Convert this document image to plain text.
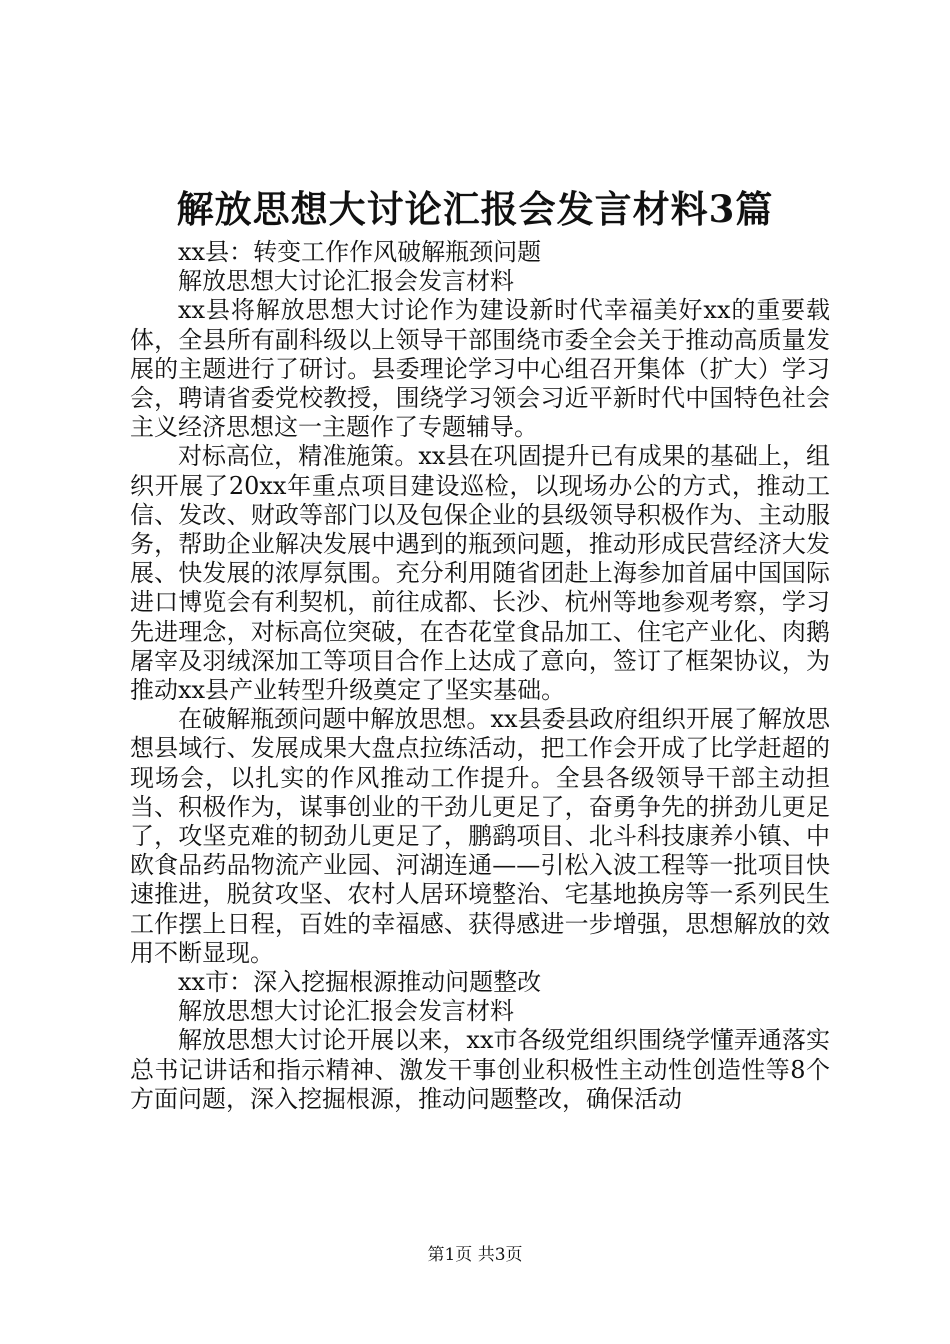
解放思想大讨论汇报会发言材料3篇

xx县：转变工作作风破解瓶颈问题

解放思想大讨论汇报会发言材料

xx县将解放思想大讨论作为建设新时代幸福美好xx的重要载体，全县所有副科级以上领导干部围绕市委全会关于推动高质量发展的主题进行了研讨。县委理论学习中心组召开集体（扩大）学习会，聘请省委党校教授，围绕学习领会习近平新时代中国特色社会主义经济思想这一主题作了专题辅导。

对标高位，精准施策。xx县在巩固提升已有成果的基础上，组织开展了20xx年重点项目建设巡检，以现场办公的方式，推动工信、发改、财政等部门以及包保企业的县级领导积极作为、主动服务，帮助企业解决发展中遇到的瓶颈问题，推动形成民营经济大发展、快发展的浓厚氛围。充分利用随省团赴上海参加首届中国国际进口博览会有利契机，前往成都、长沙、杭州等地参观考察，学习先进理念，对标高位突破，在杏花堂食品加工、住宅产业化、肉鹅屠宰及羽绒深加工等项目合作上达成了意向，签订了框架协议，为推动xx县产业转型升级奠定了坚实基础。

在破解瓶颈问题中解放思想。xx县委县政府组织开展了解放思想县域行、发展成果大盘点拉练活动，把工作会开成了比学赶超的现场会，以扎实的作风推动工作提升。全县各级领导干部主动担当、积极作为，谋事创业的干劲儿更足了，奋勇争先的拼劲儿更足了，攻坚克难的韧劲儿更足了，鹏鹞项目、北斗科技康养小镇、中欧食品药品物流产业园、河湖连通——引松入波工程等一批项目快速推进，脱贫攻坚、农村人居环境整治、宅基地换房等一系列民生工作摆上日程，百姓的幸福感、获得感进一步增强，思想解放的效用不断显现。

xx市：深入挖掘根源推动问题整改

解放思想大讨论汇报会发言材料

解放思想大讨论开展以来，xx市各级党组织围绕学懂弄通落实总书记讲话和指示精神、激发干事创业积极性主动性创造性等8个方面问题，深入挖掘根源，推动问题整改，确保活动

第1页 共3页
